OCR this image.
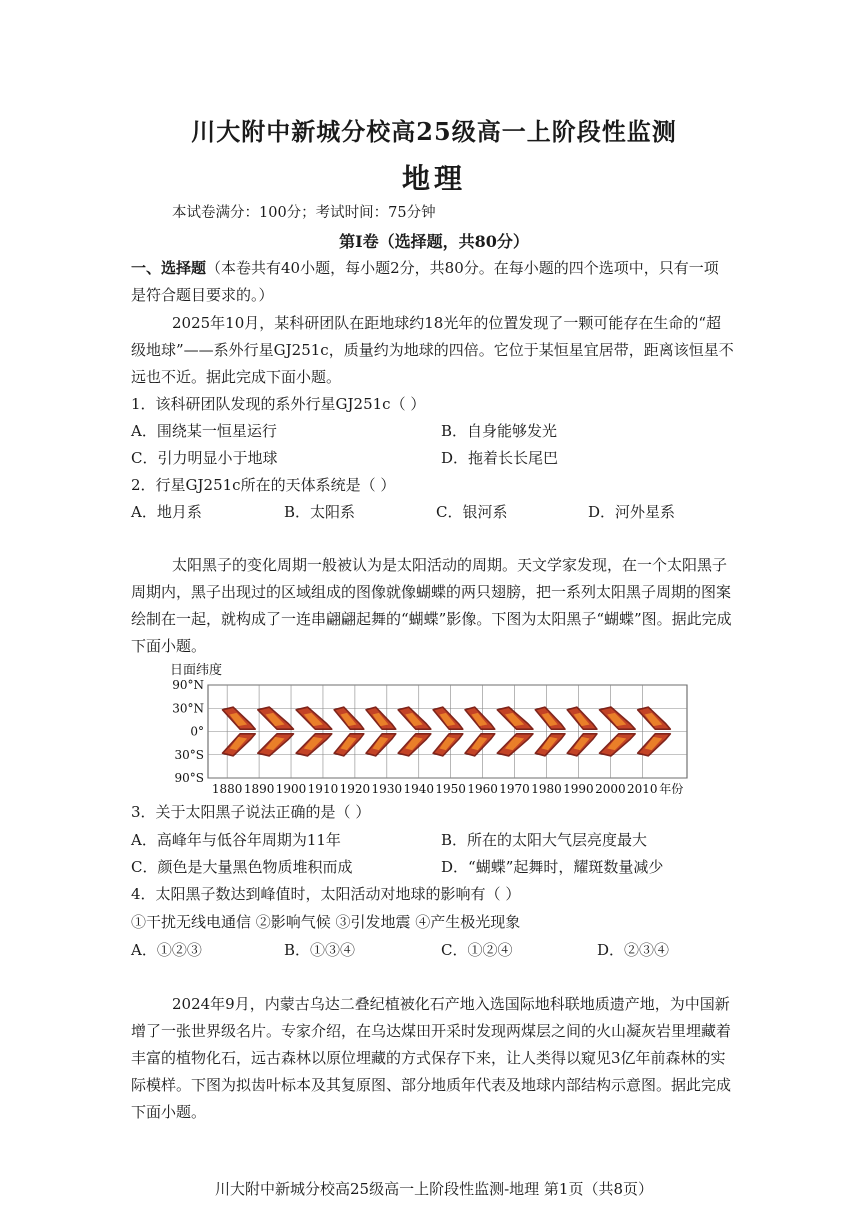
川大附中新城分校高25级高一上阶段性监测
地理
本试卷满分：100分；考试时间：75分钟
第Ⅰ卷（选择题，共80分）
一、选择题（本卷共有40小题，每小题2分，共80分。在每小题的四个选项中，只有一项
是符合题目要求的。）
2025年10月，某科研团队在距地球约18光年的位置发现了一颗可能存在生命的“超
级地球”——系外行星GJ251c，质量约为地球的四倍。它位于某恒星宜居带，距离该恒星不
远也不近。据此完成下面小题。
1．该科研团队发现的系外行星GJ251c（ ）
A．围绕某一恒星运行	B．自身能够发光
C．引力明显小于地球	D．拖着长长尾巴
2．行星GJ251c所在的天体系统是（ ）
A．地月系	B．太阳系	C．银河系	D．河外星系
太阳黑子的变化周期一般被认为是太阳活动的周期。天文学家发现，在一个太阳黑子
周期内，黑子出现过的区域组成的图像就像蝴蝶的两只翅膀，把一系列太阳黑子周期的图案
绘制在一起，就构成了一连串翩翩起舞的“蝴蝶”影像。下图为太阳黑子“蝴蝶”图。据此完成
下面小题。
90°N
30°N
0°
30°S
90°S
1880 1890 1900 1910 1920 1930 1940 1950 1960 1970 1980 1990 2000 2010 年份
日面纬度
3．关于太阳黑子说法正确的是（ ）
A．高峰年与低谷年周期为11年	B．所在的太阳大气层亮度最大
C．颜色是大量黑色物质堆积而成	D．“蝴蝶”起舞时，耀斑数量减少
4．太阳黑子数达到峰值时，太阳活动对地球的影响有（ ）
①干扰无线电通信 ②影响气候 ③引发地震 ④产生极光现象
A．①②③	B．①③④	C．①②④	D．②③④
2024年9月，内蒙古乌达二叠纪植被化石产地入选国际地科联地质遗产地，为中国新
增了一张世界级名片。专家介绍，在乌达煤田开采时发现两煤层之间的火山凝灰岩里埋藏着
丰富的植物化石，远古森林以原位埋藏的方式保存下来，让人类得以窥见3亿年前森林的实
际模样。下图为拟齿叶标本及其复原图、部分地质年代表及地球内部结构示意图。据此完成
下面小题。
川大附中新城分校高25级高一上阶段性监测-地理 第1页（共8页）
